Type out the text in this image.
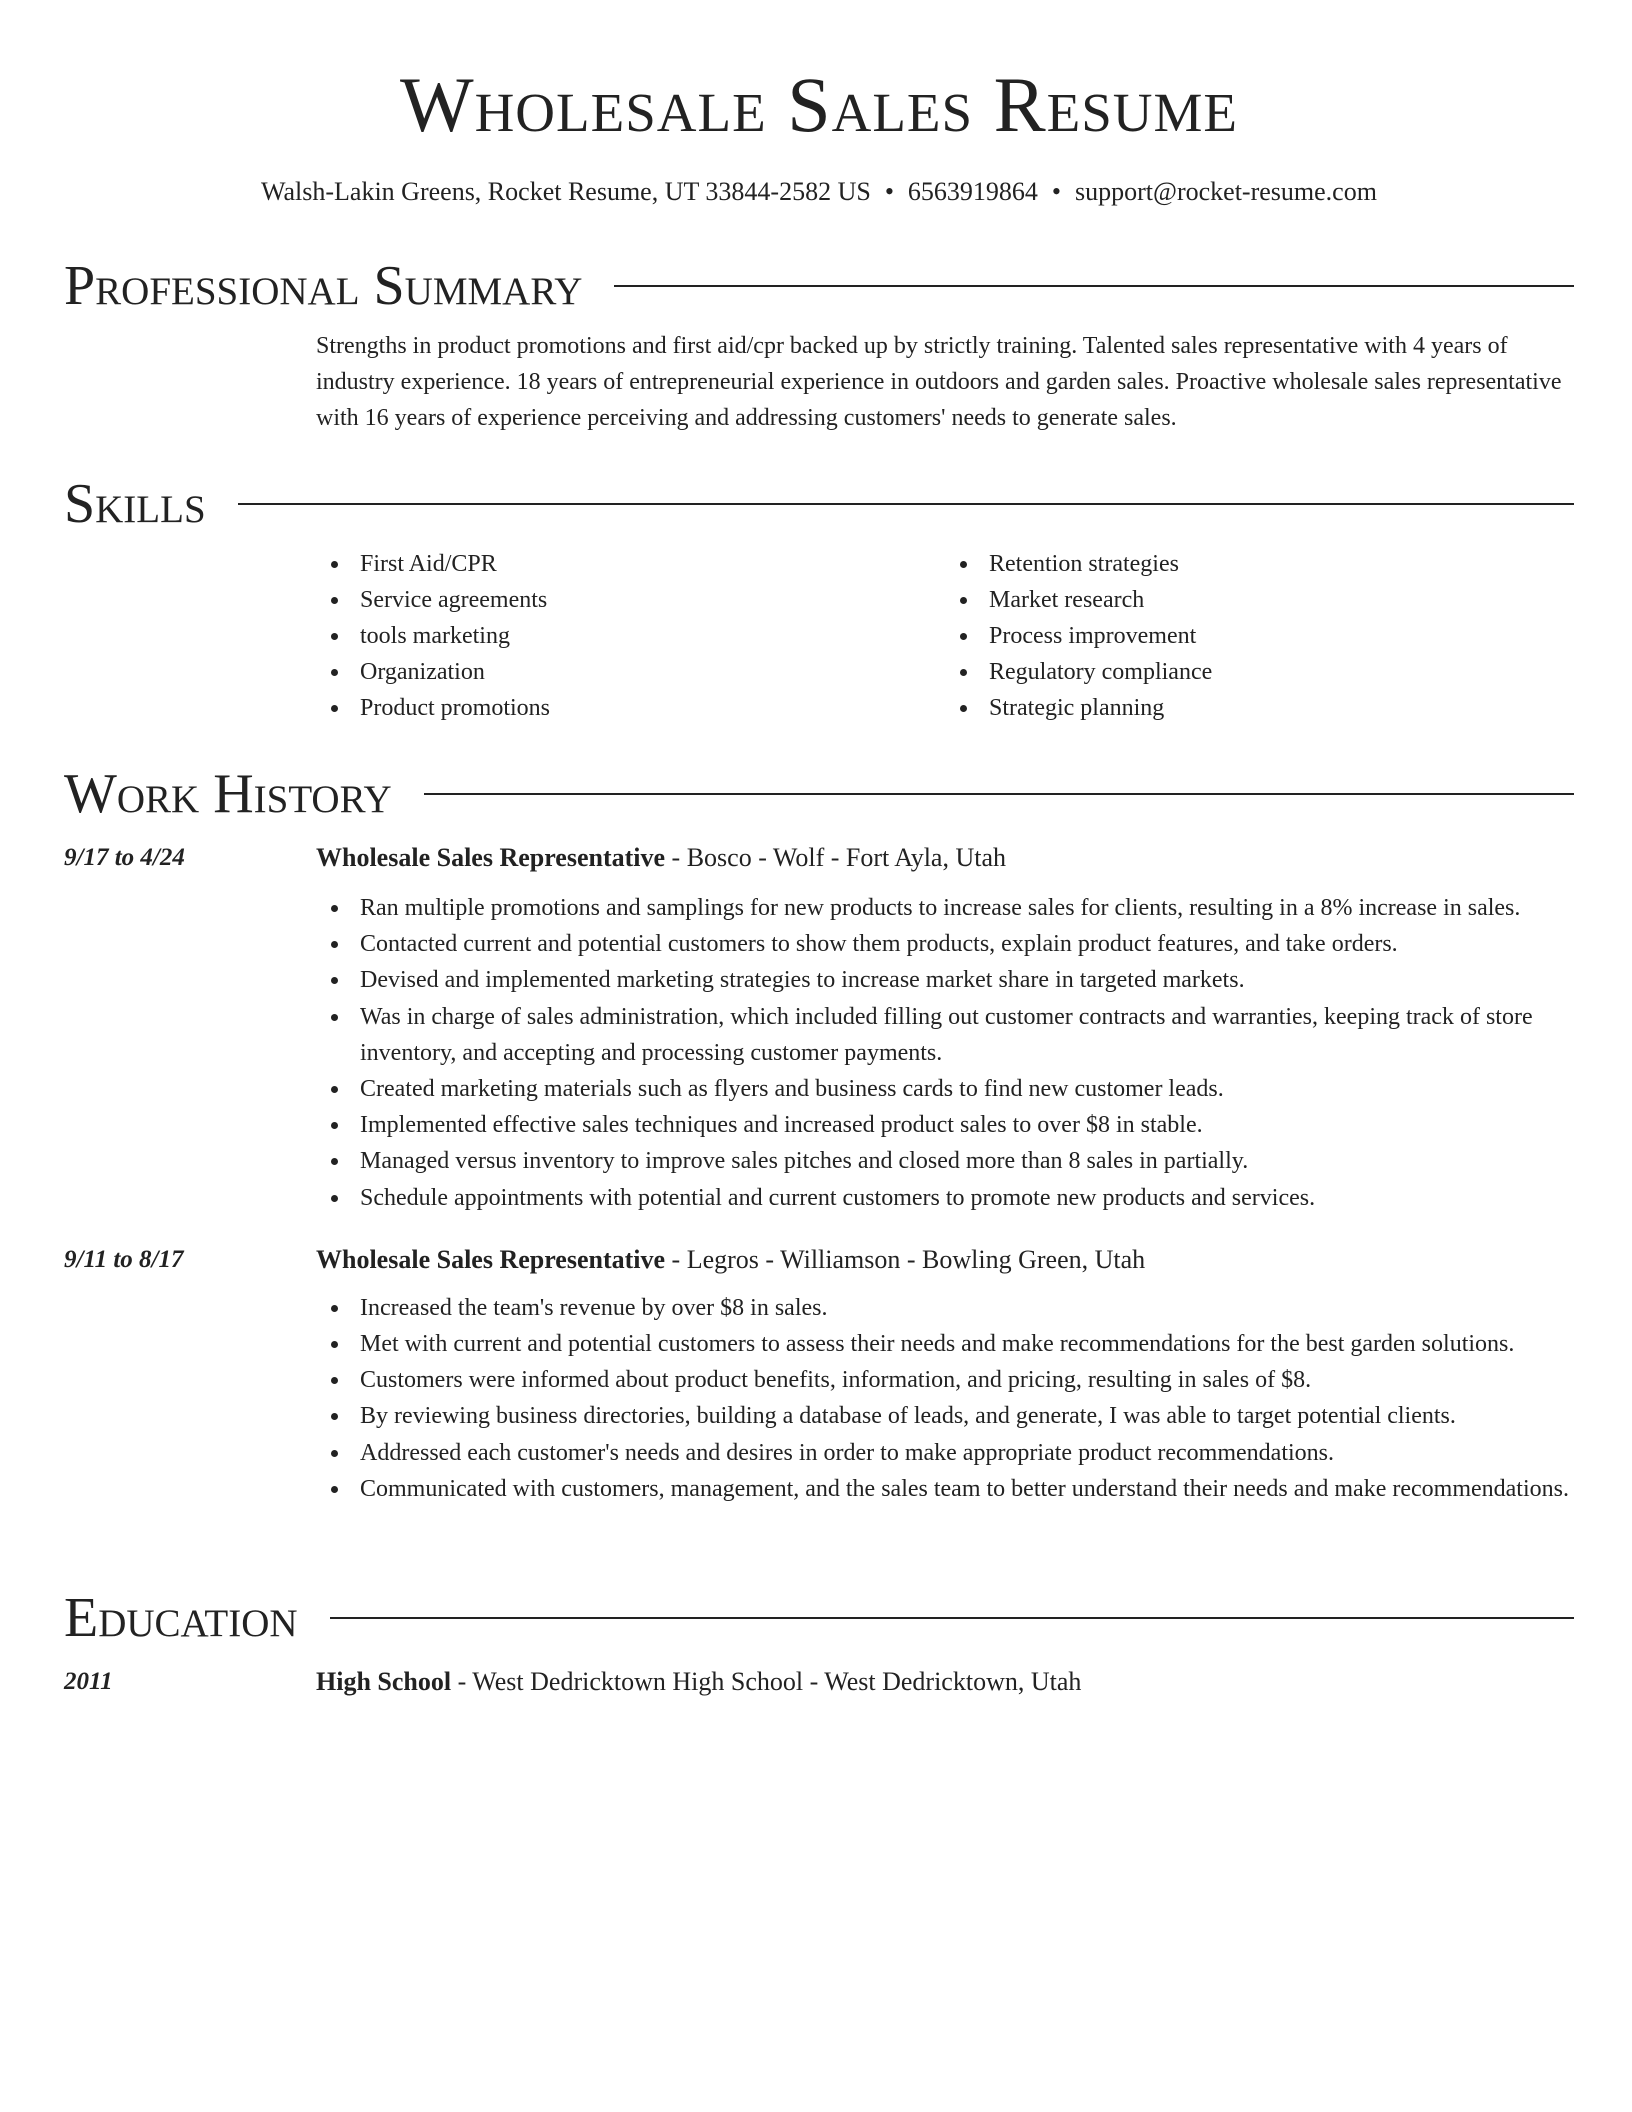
Wholesale Sales Resume
Walsh-Lakin Greens, Rocket Resume, UT 33844-2582 US • 6563919864 • support@rocket-resume.com
Professional Summary

Strengths in product promotions and first aid/cpr backed up by strictly training. Talented sales representative with 4 years of industry experience. 18 years of entrepreneurial experience in outdoors and garden sales. Proactive wholesale sales representative with 16 years of experience perceiving and addressing customers' needs to generate sales.

Skills
First Aid/CPR
Service agreements
tools marketing
Organization
Product promotions
Retention strategies
Market research
Process improvement
Regulatory compliance
Strategic planning
Work History
9/17 to 4/24	Wholesale Sales Representative - Bosco - Wolf - Fort Ayla, Utah
Ran multiple promotions and samplings for new products to increase sales for clients, resulting in a 8% increase in sales.
Contacted current and potential customers to show them products, explain product features, and take orders.
Devised and implemented marketing strategies to increase market share in targeted markets.
Was in charge of sales administration, which included filling out customer contracts and warranties, keeping track of store inventory, and accepting and processing customer payments.
Created marketing materials such as flyers and business cards to find new customer leads.
Implemented effective sales techniques and increased product sales to over $8 in stable.
Managed versus inventory to improve sales pitches and closed more than 8 sales in partially.
Schedule appointments with potential and current customers to promote new products and services.
9/11 to 8/17	Wholesale Sales Representative - Legros - Williamson - Bowling Green, Utah
Increased the team's revenue by over $8 in sales.
Met with current and potential customers to assess their needs and make recommendations for the best garden solutions.
Customers were informed about product benefits, information, and pricing, resulting in sales of $8.
By reviewing business directories, building a database of leads, and generate, I was able to target potential clients.
Addressed each customer's needs and desires in order to make appropriate product recommendations.
Communicated with customers, management, and the sales team to better understand their needs and make recommendations.
Education
2011	High School - West Dedricktown High School - West Dedricktown, Utah
